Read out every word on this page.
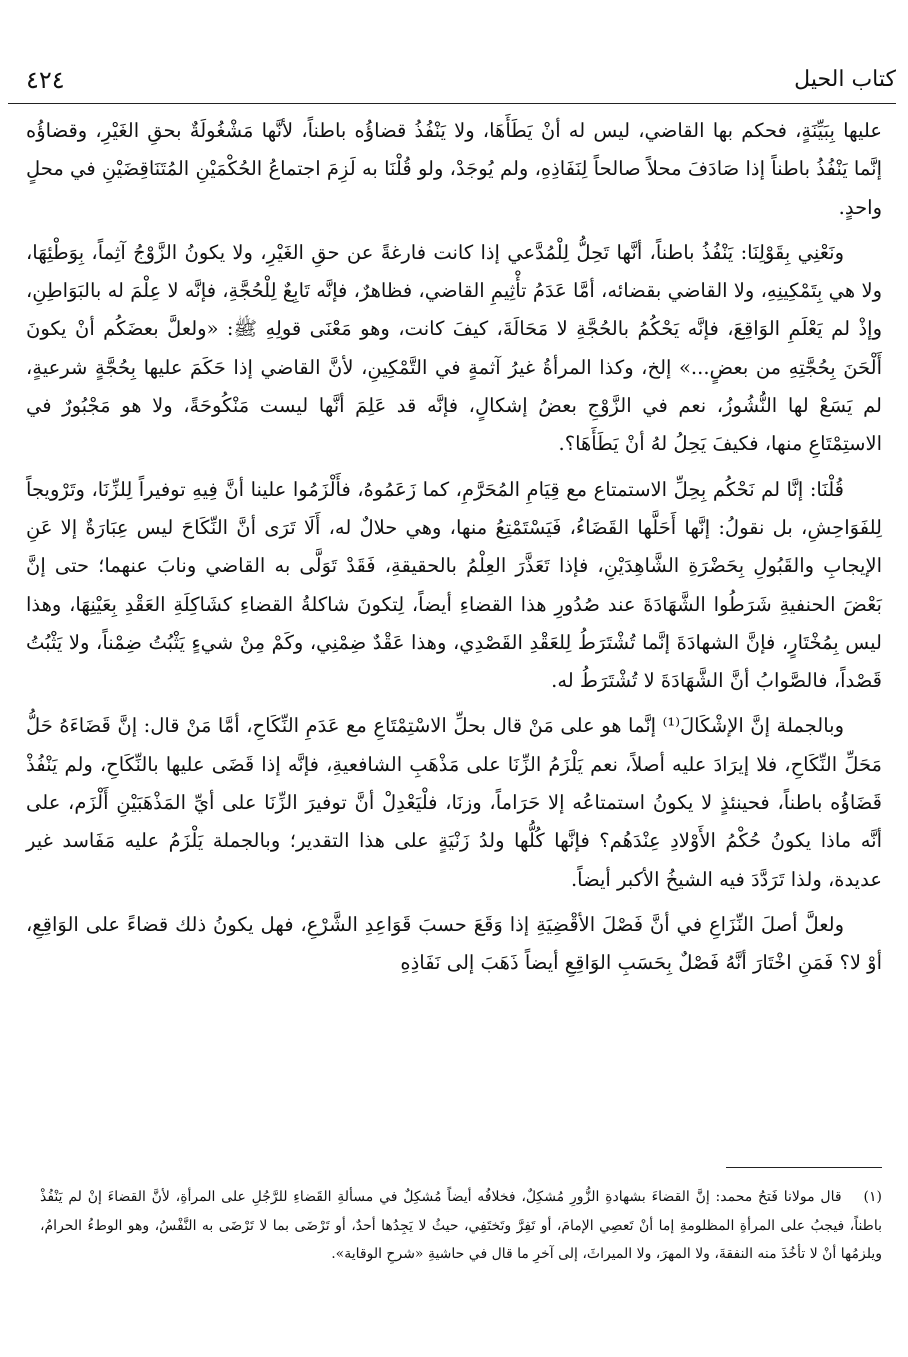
٤٢٤	كتاب الحيل

عليها بِبَيِّنَةٍ، فحكم بها القاضي، ليس له أنْ يَطَأَهَا، ولا يَنْفُذُ قضاؤُه باطناً، لأنَّها مَشْغُولَةٌ بحقِ الغَيْرِ، وقضاؤُه إنَّما يَنْفُذُ باطناً إذا صَادَفَ محلاً صالحاً لِنَفَاذِهِ، ولم يُوجَدْ، ولو قُلْنَا به لَزِمَ اجتماعُ الحُكْمَيْنِ المُتَنَاقِضَيْنِ في محلٍ واحدٍ.

ونَعْنِي بِقَوْلِنَا: يَنْفُذُ باطناً، أنَّها تَحِلُّ لِلْمُدَّعي إذا كانت فارغةً عن حقِ الغَيْرِ، ولا يكونُ الزَّوْجُ آثِماً، بِوَطْئِهَا، ولا هي بِتَمْكِينِهِ، ولا القاضي بقضائه، أمَّا عَدَمُ تأْثِيمِ القاضي، فظاهرٌ، فإنَّه تَابِعٌ لِلْحُجَّةِ، فإنَّه لا عِلْمَ له بالبَوَاطِنِ، وإذْ لم يَعْلَمِ الوَاقِعَ، فإنَّه يَحْكُمُ بالحُجَّةِ لا مَحَالَةَ، كيفَ كانت، وهو مَعْنَى قولِهِ ﷺ: «ولعلَّ بعضَكُم أنْ يكونَ أَلْحَنَ بِحُجَّتِهِ من بعضٍ...» إلخ، وكذا المرأةُ غيرُ آثمةٍ في التَّمْكِينِ، لأنَّ القاضي إذا حَكَمَ عليها بِحُجَّةٍ شرعيةٍ، لم يَسَعْ لها النُّشُوزُ، نعم في الزَّوْجِ بعضُ إشكالٍ، فإنَّه قد عَلِمَ أنَّها ليست مَنْكُوحَةً، ولا هو مَجْبُورٌ في الاستِمْتَاعِ منها، فكيفَ يَحِلُ لهُ أنْ يَطَأَهَا؟.

قُلْنَا: إنَّا لم نَحْكُم بِحِلِّ الاستمتاع مع قِيَامِ المُحَرَّمِ، كما زَعَمُوهُ، فأَلْزَمُوا علينا أنَّ فِيهِ توفيراً لِلزِّنَا، وتَرْويجاً لِلفَوَاحِشِ، بل نقولُ: إنَّها أَحَلَّها القَضَاءُ، فَيَسْتَمْتِعُ منها، وهي حلالٌ له، أَلَا تَرَى أنَّ النِّكَاحَ ليس عِبَارَةٌ إلا عَنِ الإيجابِ والقَبُولِ بِحَضْرَةِ الشَّاهِدَيْنِ، فإذا تَعَذَّرَ العِلْمُ بالحقيقةِ، فَقَدْ تَوَلَّى به القاضي ونابَ عنهما؛ حتى إنَّ بَعْضَ الحنفيةِ شَرَطُوا الشَّهَادَةَ عند صُدُورِ هذا القضاءِ أيضاً، لِتكونَ شاكلةُ القضاءِ كشَاكِلَةِ العَقْدِ بِعَيْنِهَا، وهذا ليس بِمُخْتَارٍ، فإنَّ الشهادَةَ إنَّما تُشْتَرَطُ لِلعَقْدِ القَصْدِي، وهذا عَقْدٌ ضِمْنِي، وكَمْ مِنْ شيءٍ يَثْبُتُ ضِمْناً، ولا يَثْبُتُ قَصْداً، فالصَّوابُ أنَّ الشَّهَادَةَ لا تُشْتَرَطُ له.

وبالجملة إنَّ الإشْكَالَ⁽¹⁾ إنَّما هو على مَنْ قال بحلِّ الاسْتِمْتَاعِ مع عَدَمِ النِّكَاحِ، أمَّا مَنْ قال: إنَّ قَضَاءَهُ حَلُّ مَحَلِّ النِّكَاحِ، فلا إيرَادَ عليه أصلاً، نعم يَلْزَمُ الزِّنَا على مَذْهَبِ الشافعيةِ، فإنَّه إذا قَضَى عليها بالنِّكَاحِ، ولم يَنْفُذْ قَضَاؤُه باطناً، فحينئذٍ لا يكونُ استمتاعُه إلا حَرَاماً، وزنَا، فلْيَعْدِلْ أنَّ توفيرَ الزِّنَا على أيِّ المَذْهَبَيْنِ أَلْزَم، على أنَّه ماذا يكونُ حُكْمُ الأَوْلادِ عِنْدَهُم؟ فإنَّها كُلُّها ولدُ زَنْيَةٍ على هذا التقدير؛ وبالجملة يَلْزَمُ عليه مَفَاسد غير عديدة، ولذا تَرَدَّدَ فيه الشيخُ الأكبر أيضاً.

ولعلَّ أصلَ النِّزَاعِ في أنَّ فَصْلَ الأقْضِيَةِ إذا وَقَعَ حسبَ قَوَاعِدِ الشَّرْعِ، فهل يكونُ ذلك قضاءً على الوَاقِعِ، أوْ لا؟ فَمَنِ اخْتَارَ أنَّهُ فَصْلٌ بِحَسَبِ الوَاقِعِ أيضاً ذَهَبَ إلى نَفَاذِهِ

(١)قال مولانا فَتحُ محمد: إنَّ القضاءَ بشهادةِ الزُّورِ مُشكِلٌ، فخلافُه أيضاً مُشكِلٌ في مسألةِ القَضاءِ للرَّجُلِ على المرأةِ، لأنَّ القضاءَ إنْ لم يَنْفُذْ باطناً، فيجبُ على المرأةِ المظلومةِ إما أنْ تَعصِي الإمامَ، أو تَفِرَّ وتَختَفِي، حيثُ لا يَجِدُها أحدٌ، أو تَرْضَى بما لا تَرْضَى به النَّفْسُ، وهو الوطءُ الحرامُ، ويلزمُها أنْ لا تأخُذَ منه النفقةَ، ولا المهرَ، ولا الميراثَ، إلى آخرِ ما قال في حاشيةِ «شرحِ الوقاية».
